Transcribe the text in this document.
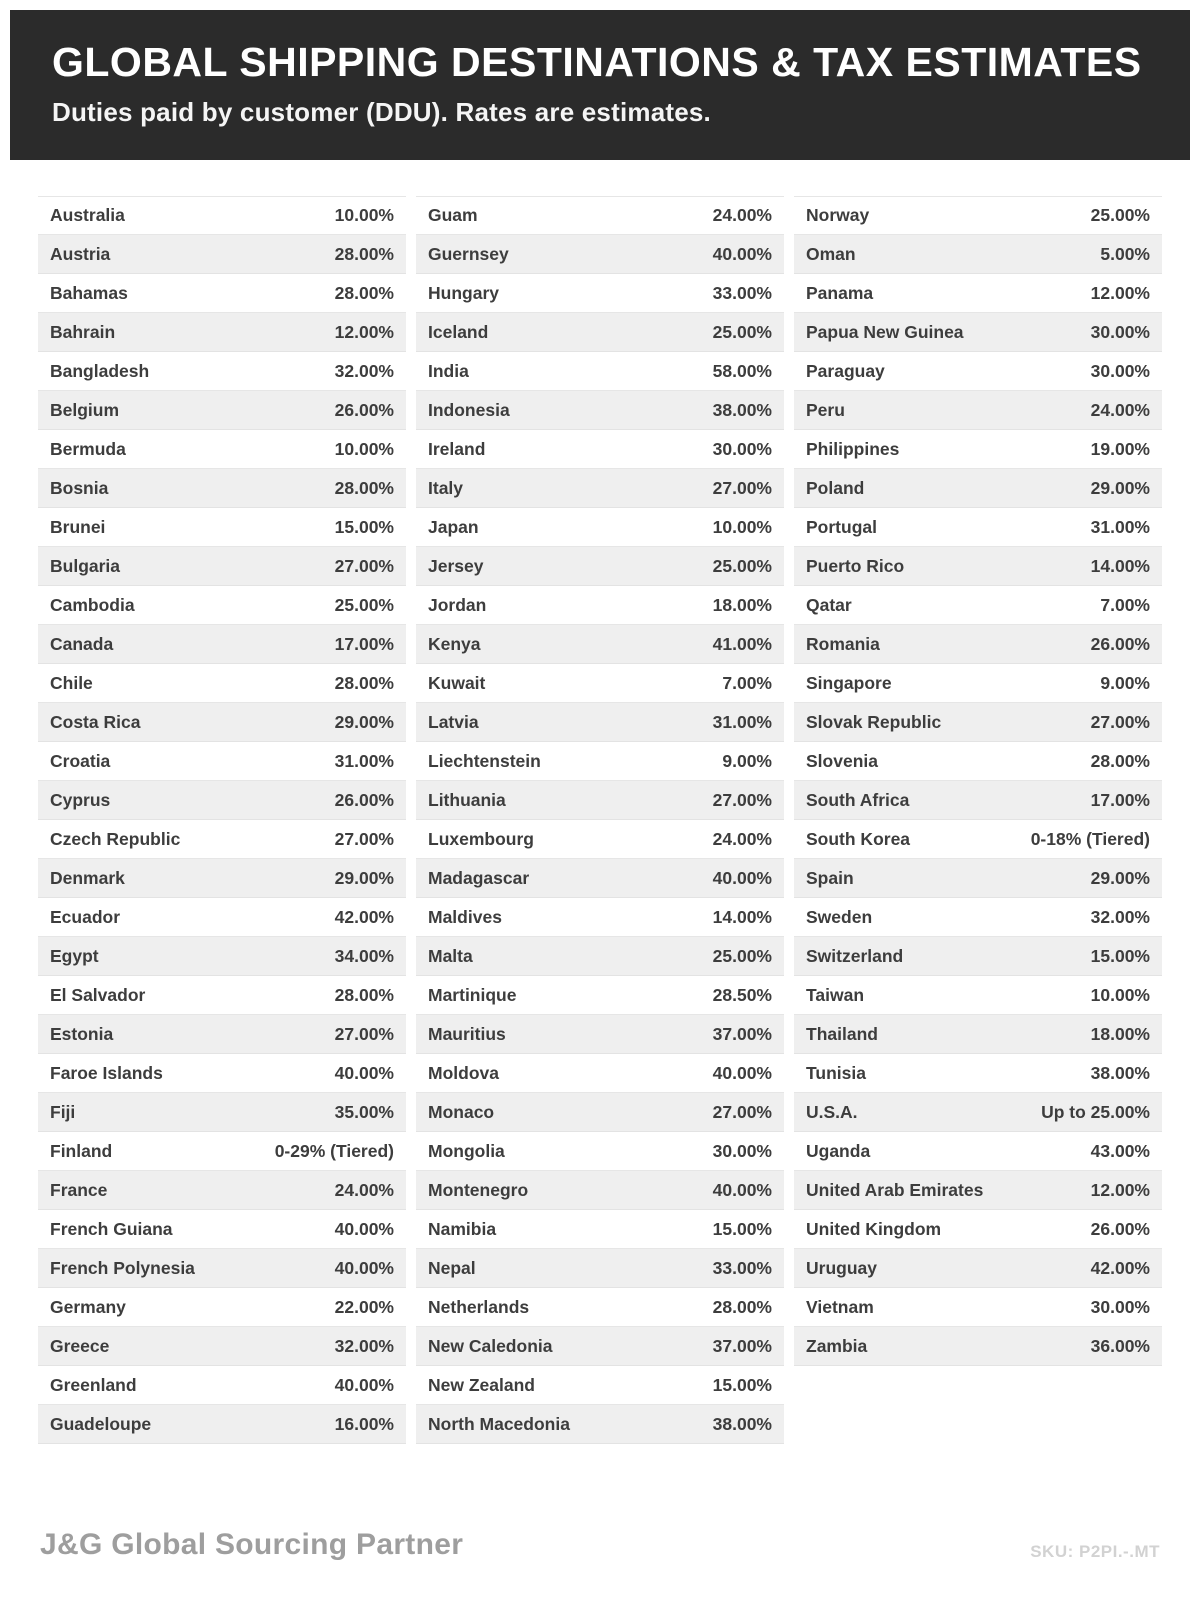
GLOBAL SHIPPING DESTINATIONS & TAX ESTIMATES

Duties paid by customer (DDU). Rates are estimates.

Australia	10.00%
Austria	28.00%
Bahamas	28.00%
Bahrain	12.00%
Bangladesh	32.00%
Belgium	26.00%
Bermuda	10.00%
Bosnia	28.00%
Brunei	15.00%
Bulgaria	27.00%
Cambodia	25.00%
Canada	17.00%
Chile	28.00%
Costa Rica	29.00%
Croatia	31.00%
Cyprus	26.00%
Czech Republic	27.00%
Denmark	29.00%
Ecuador	42.00%
Egypt	34.00%
El Salvador	28.00%
Estonia	27.00%
Faroe Islands	40.00%
Fiji	35.00%
Finland	0-29% (Tiered)
France	24.00%
French Guiana	40.00%
French Polynesia	40.00%
Germany	22.00%
Greece	32.00%
Greenland	40.00%
Guadeloupe	16.00%
Guam	24.00%
Guernsey	40.00%
Hungary	33.00%
Iceland	25.00%
India	58.00%
Indonesia	38.00%
Ireland	30.00%
Italy	27.00%
Japan	10.00%
Jersey	25.00%
Jordan	18.00%
Kenya	41.00%
Kuwait	7.00%
Latvia	31.00%
Liechtenstein	9.00%
Lithuania	27.00%
Luxembourg	24.00%
Madagascar	40.00%
Maldives	14.00%
Malta	25.00%
Martinique	28.50%
Mauritius	37.00%
Moldova	40.00%
Monaco	27.00%
Mongolia	30.00%
Montenegro	40.00%
Namibia	15.00%
Nepal	33.00%
Netherlands	28.00%
New Caledonia	37.00%
New Zealand	15.00%
North Macedonia	38.00%
Norway	25.00%
Oman	5.00%
Panama	12.00%
Papua New Guinea	30.00%
Paraguay	30.00%
Peru	24.00%
Philippines	19.00%
Poland	29.00%
Portugal	31.00%
Puerto Rico	14.00%
Qatar	7.00%
Romania	26.00%
Singapore	9.00%
Slovak Republic	27.00%
Slovenia	28.00%
South Africa	17.00%
South Korea	0-18% (Tiered)
Spain	29.00%
Sweden	32.00%
Switzerland	15.00%
Taiwan	10.00%
Thailand	18.00%
Tunisia	38.00%
U.S.A.	Up to 25.00%
Uganda	43.00%
United Arab Emirates	12.00%
United Kingdom	26.00%
Uruguay	42.00%
Vietnam	30.00%
Zambia	36.00%
J&G Global Sourcing Partner	SKU: P2PI.-.MT
